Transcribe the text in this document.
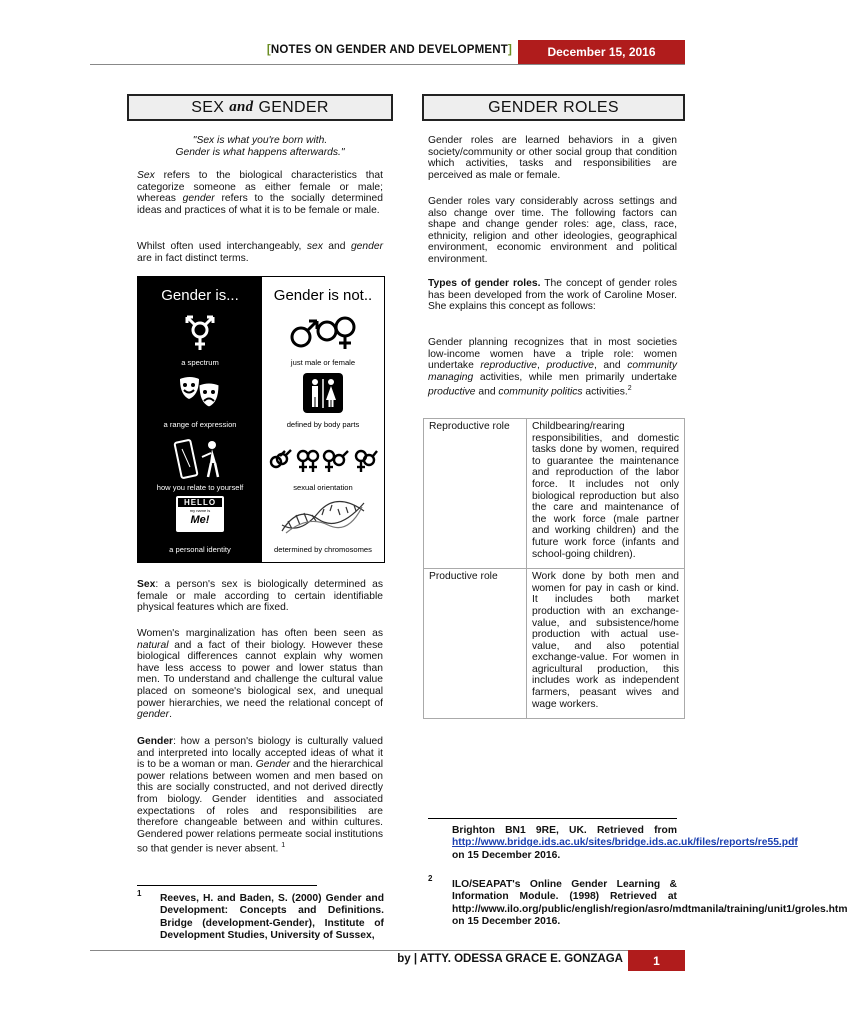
[NOTES ON GENDER AND DEVELOPMENT]	December 15, 2016
SEX and GENDER	GENDER ROLES
"Sex is what you're born with.
Gender is what happens afterwards."
Sex refers to the biological characteristics that categorize someone as either female or male; whereas gender refers to the socially determined ideas and practices of what it is to be female or male.
Whilst often used interchangeably, sex and gender are in fact distinct terms.
Gender is...
a spectrum
a range of expression
how you relate to yourself
HELLO
my name is
Me!
a personal identity
Gender is not..
just male or female
defined by body parts
sexual orientation
determined by chromosomes
Sex: a person's sex is biologically determined as female or male according to certain identifiable physical features which are fixed.
Women's marginalization has often been seen as natural and a fact of their biology. However these biological differences cannot explain why women have less access to power and lower status than men. To understand and challenge the cultural value placed on someone's biological sex, and unequal power hierarchies, we need the relational concept of gender.
Gender: how a person's biology is culturally valued and interpreted into locally accepted ideas of what it is to be a woman or man. Gender and the hierarchical power relations between women and men based on this are socially constructed, and not derived directly from biology. Gender identities and associated expectations of roles and responsibilities are therefore changeable between and within cultures. Gendered power relations permeate social institutions so that gender is never absent. $^1$
1 Reeves, H. and Baden, S. (2000) Gender and Development: Concepts and Definitions. Bridge (development-Gender), Institute of Development Studies, University of Sussex,
Gender roles are learned behaviors in a given society/community or other social group that condition which activities, tasks and responsibilities are perceived as male or female.
Gender roles vary considerably across settings and also change over time. The following factors can shape and change gender roles: age, class, race, ethnicity, religion and other ideologies, geographical environment, economic environment and political environment.
Types of gender roles. The concept of gender roles has been developed from the work of Caroline Moser. She explains this concept as follows:
Gender planning recognizes that in most societies low-income women have a triple role: women undertake reproductive, productive, and community managing activities, while men primarily undertake productive and community politics activities.$^2$
Reproductive role	Childbearing/rearing responsibilities, and domestic tasks done by women, required to guarantee the maintenance and reproduction of the labor force. It includes not only biological reproduction but also the care and maintenance of the work force (male partner and working children) and the future work force (infants and school-going children).
Productive role	Work done by both men and women for pay in cash or kind. It includes both market production with an exchange-value, and subsistence/home production with actual use-value, and also potential exchange-value. For women in agricultural production, this includes work as independent farmers, peasant wives and wage workers.
Brighton BN1 9RE, UK. Retrieved from http://www.bridge.ids.ac.uk/sites/bridge.ids.ac.uk/files/reports/re55.pdf on 15 December 2016.
2
ILO/SEAPAT's Online Gender Learning & Information Module. (1998) Retrieved at http://www.ilo.org/public/english/region/asro/mdtmanila/training/unit1/groles.htm on 15 December 2016.
by | ATTY. ODESSA GRACE E. GONZAGA	1
